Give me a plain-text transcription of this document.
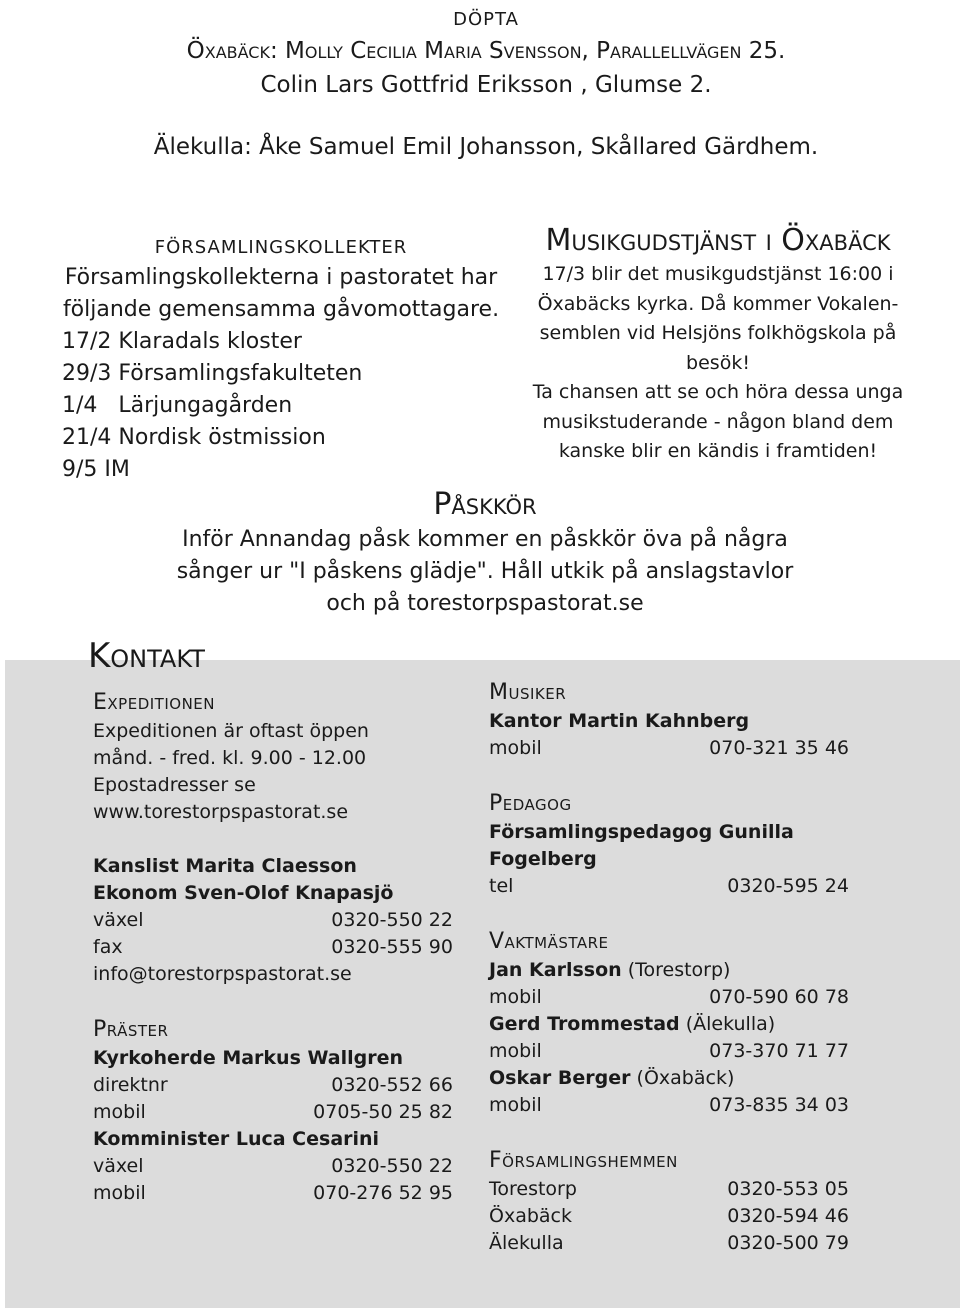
döpta
Öxabäck: Molly Cecilia Maria Svensson, Parallellvägen 25.
Colin Lars Gottfrid Eriksson , Glumse 2.
Älekulla: Åke Samuel Emil Johansson, Skållared Gärdhem.
församlingskollekter
Församlingskollekterna i pastoratet har
följande gemensamma gåvomottagare.
17/2 Klaradals kloster
29/3 Församlingsfakulteten
1/4   Lärjungagården
21/4 Nordisk östmission
9/5 IM
Musikgudstjänst i Öxabäck
17/3 blir det musikgudstjänst 16:00 i
Öxabäcks kyrka. Då kommer Vokalen-
semblen vid Helsjöns folkhögskola på
besök!
Ta chansen att se och höra dessa unga
musikstuderande - någon bland dem
kanske blir en kändis i framtiden!
Påskkör
Inför Annandag påsk kommer en påskkör öva på några
sånger ur "I påskens glädje". Håll utkik på anslagstavlor
och på torestorpspastorat.se
Kontakt
Expeditionen
Expeditionen är oftast öppen
månd. - fred. kl. 9.00 - 12.00
Epostadresser se
www.torestorpspastorat.se
Kanslist Marita Claesson
Ekonom Sven-Olof Knapasjö
växel	0320-550 22
fax	0320-555 90
info@torestorpspastorat.se
Präster
Kyrkoherde Markus Wallgren
direktnr	0320-552 66
mobil	0705-50 25 82
Komminister Luca Cesarini
växel	0320-550 22
mobil	070-276 52 95
Musiker
Kantor Martin Kahnberg
mobil	070-321 35 46
Pedagog
Församlingspedagog Gunilla Fogelberg
tel	0320-595 24
Vaktmästare
Jan Karlsson (Torestorp)
mobil	070-590 60 78
Gerd Trommestad (Älekulla)
mobil	073-370 71 77
Oskar Berger (Öxabäck)
mobil	073-835 34 03
Församlingshemmen
Torestorp	0320-553 05
Öxabäck	0320-594 46
Älekulla	0320-500 79
